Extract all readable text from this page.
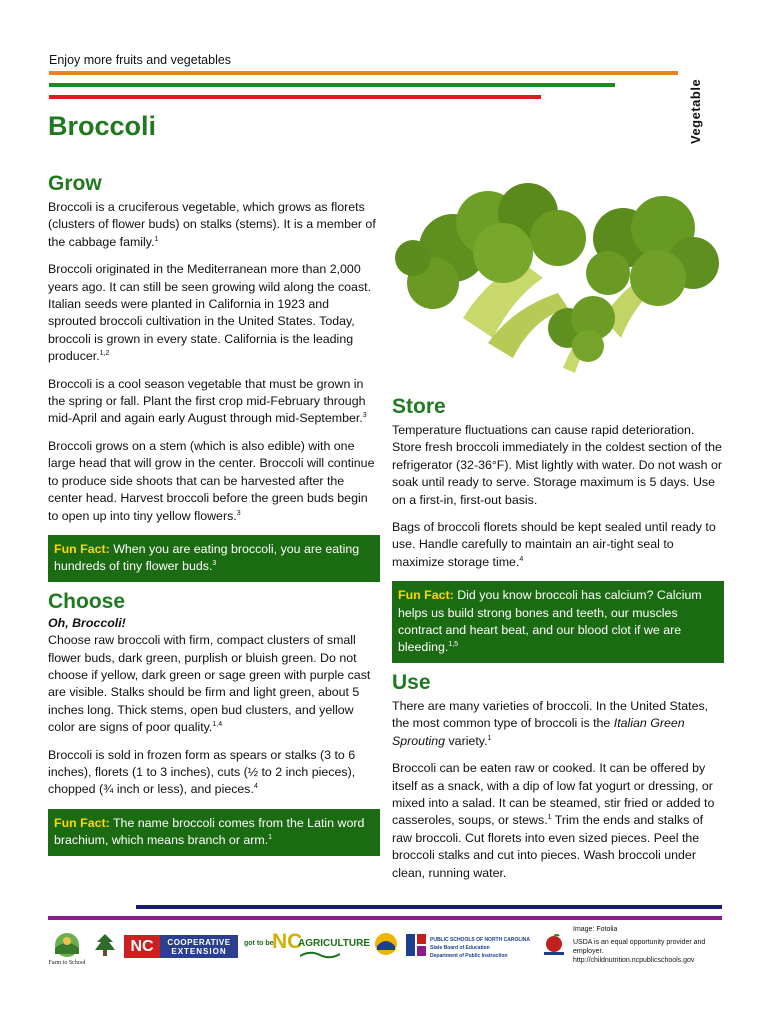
Enjoy more fruits and vegetables
Vegetable
Broccoli
Grow

Broccoli is a cruciferous vegetable, which grows as florets (clusters of flower buds) on stalks (stems). It is a member of the cabbage family.$^1$

Broccoli originated in the Mediterranean more than 2,000 years ago. It can still be seen growing wild along the coast. Italian seeds were planted in California in 1923 and sprouted broccoli cultivation in the United States. Today, broccoli is grown in every state. California is the leading producer.$^{1,2}$

Broccoli is a cool season vegetable that must be grown in the spring or fall. Plant the first crop mid-February through mid-April and again early August through mid-September.$^3$

Broccoli grows on a stem (which is also edible) with one large head that will grow in the center. Broccoli will continue to produce side shoots that can be harvested after the center head. Harvest broccoli before the green buds begin to open up into tiny yellow flowers.$^3$

Fun Fact: When you are eating broccoli, you are eating hundreds of tiny flower buds.$^3$
Choose
Oh, Broccoli!

Choose raw broccoli with firm, compact clusters of small flower buds, dark green, purplish or bluish green. Do not choose if yellow, dark green or sage green with purple cast are visible. Stalks should be firm and light green, about 5 inches long. Thick stems, open bud clusters, and yellow color are signs of poor quality.$^{1,4}$

Broccoli is sold in frozen form as spears or stalks (3 to 6 inches), florets (1 to 3 inches), cuts (½ to 2 inch pieces), chopped (¾ inch or less), and pieces.$^4$

Fun Fact: The name broccoli comes from the Latin word brachium, which means branch or arm.$^1$
Store

Temperature fluctuations can cause rapid deterioration. Store fresh broccoli immediately in the coldest section of the refrigerator (32-36°F). Mist lightly with water. Do not wash or soak until ready to serve. Storage maximum is 5 days. Use on a first-in, first-out basis.

Bags of broccoli florets should be kept sealed until ready to use. Handle carefully to maintain an air-tight seal to maximize storage time.$^4$

Fun Fact: Did you know broccoli has calcium? Calcium helps us build strong bones and teeth, our muscles contract and heart beat, and our blood clot if we are bleeding.$^{1,5}$
Use

There are many varieties of broccoli. In the United States, the most common type of broccoli is the Italian Green Sprouting variety.$^1$

Broccoli can be eaten raw or cooked. It can be offered by itself as a snack, with a dip of low fat yogurt or dressing, or mixed into a salad. It can be steamed, stir fried or added to casseroles, soups, or stews.$^1$ Trim the ends and stalks of raw broccoli. Cut florets into even sized pieces. Peel the broccoli stalks and cut into pieces. Wash broccoli under clean, running water.

Farm to School
NC	COOPERATIVE
EXTENSION
got to be
NC
AGRICULTURE	PUBLIC SCHOOLS OF NORTH CAROLINA
State Board of Education
Department of Public Instruction
Image: Fotolia
USDA is an equal opportunity provider and employer.
http://childnutrition.ncpublicschools.gov
